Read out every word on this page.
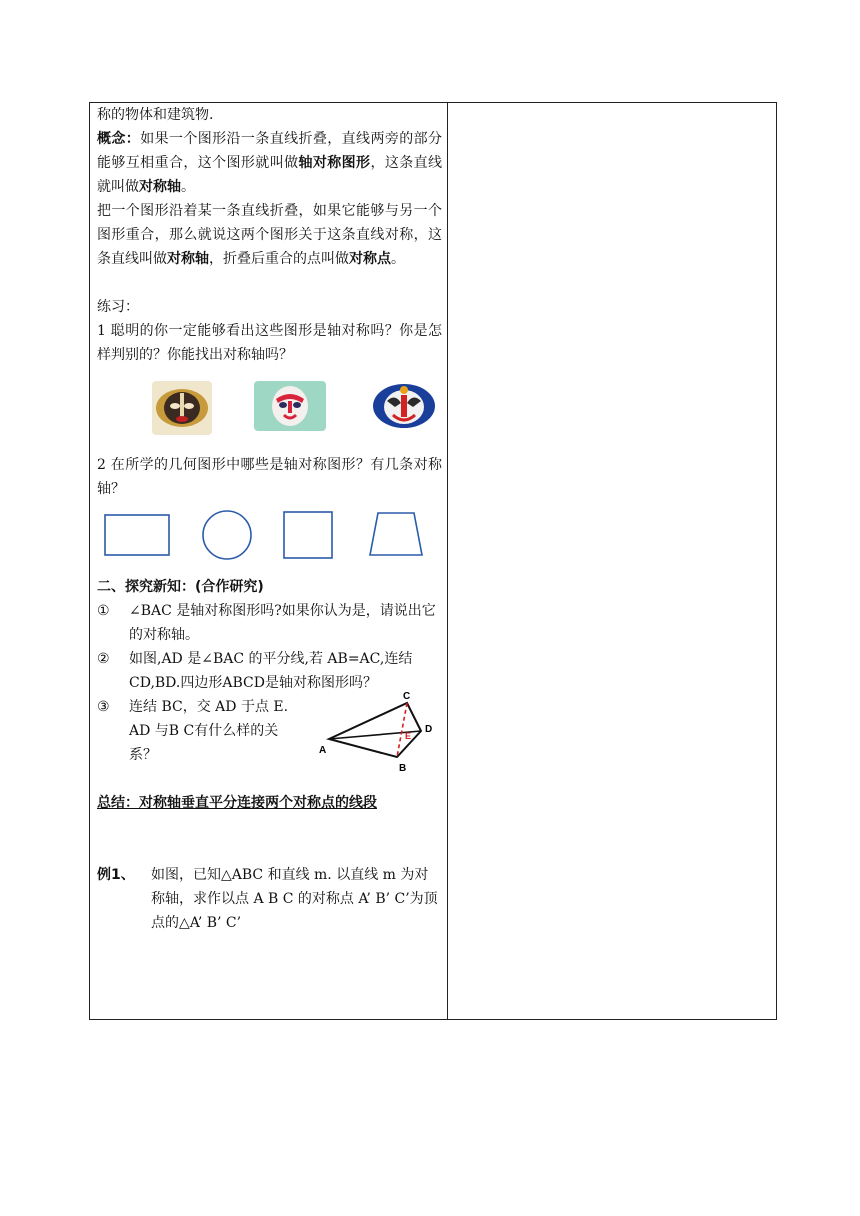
称的物体和建筑物.

概念：如果一个图形沿一条直线折叠，直线两旁的部分能够互相重合，这个图形就叫做轴对称图形，这条直线就叫做对称轴。

把一个图形沿着某一条直线折叠，如果它能够与另一个图形重合，那么就说这两个图形关于这条直线对称，这条直线叫做对称轴，折叠后重合的点叫做对称点。

练习：

1 聪明的你一定能够看出这些图形是轴对称吗？你是怎样判别的？你能找出对称轴吗？

2 在所学的几何图形中哪些是轴对称图形？有几条对称轴？

二、探究新知：(合作研究)

① ∠BAC 是轴对称图形吗?如果你认为是，请说出它的对称轴。
② 如图,AD 是∠BAC 的平分线,若 AB=AC,连结CD,BD.四边形ABCD是轴对称图形吗？
③ 连结 BC，交 AD 于点 E. AD 与B C有什么样的关系？
C
D
A
B
E

总结：对称轴垂直平分连接两个对称点的线段

例1、 如图，已知△ABC 和直线 m. 以直线 m 为对称轴，求作以点 A B C 的对称点 A’ B’ C’为顶点的△A’ B’ C’
